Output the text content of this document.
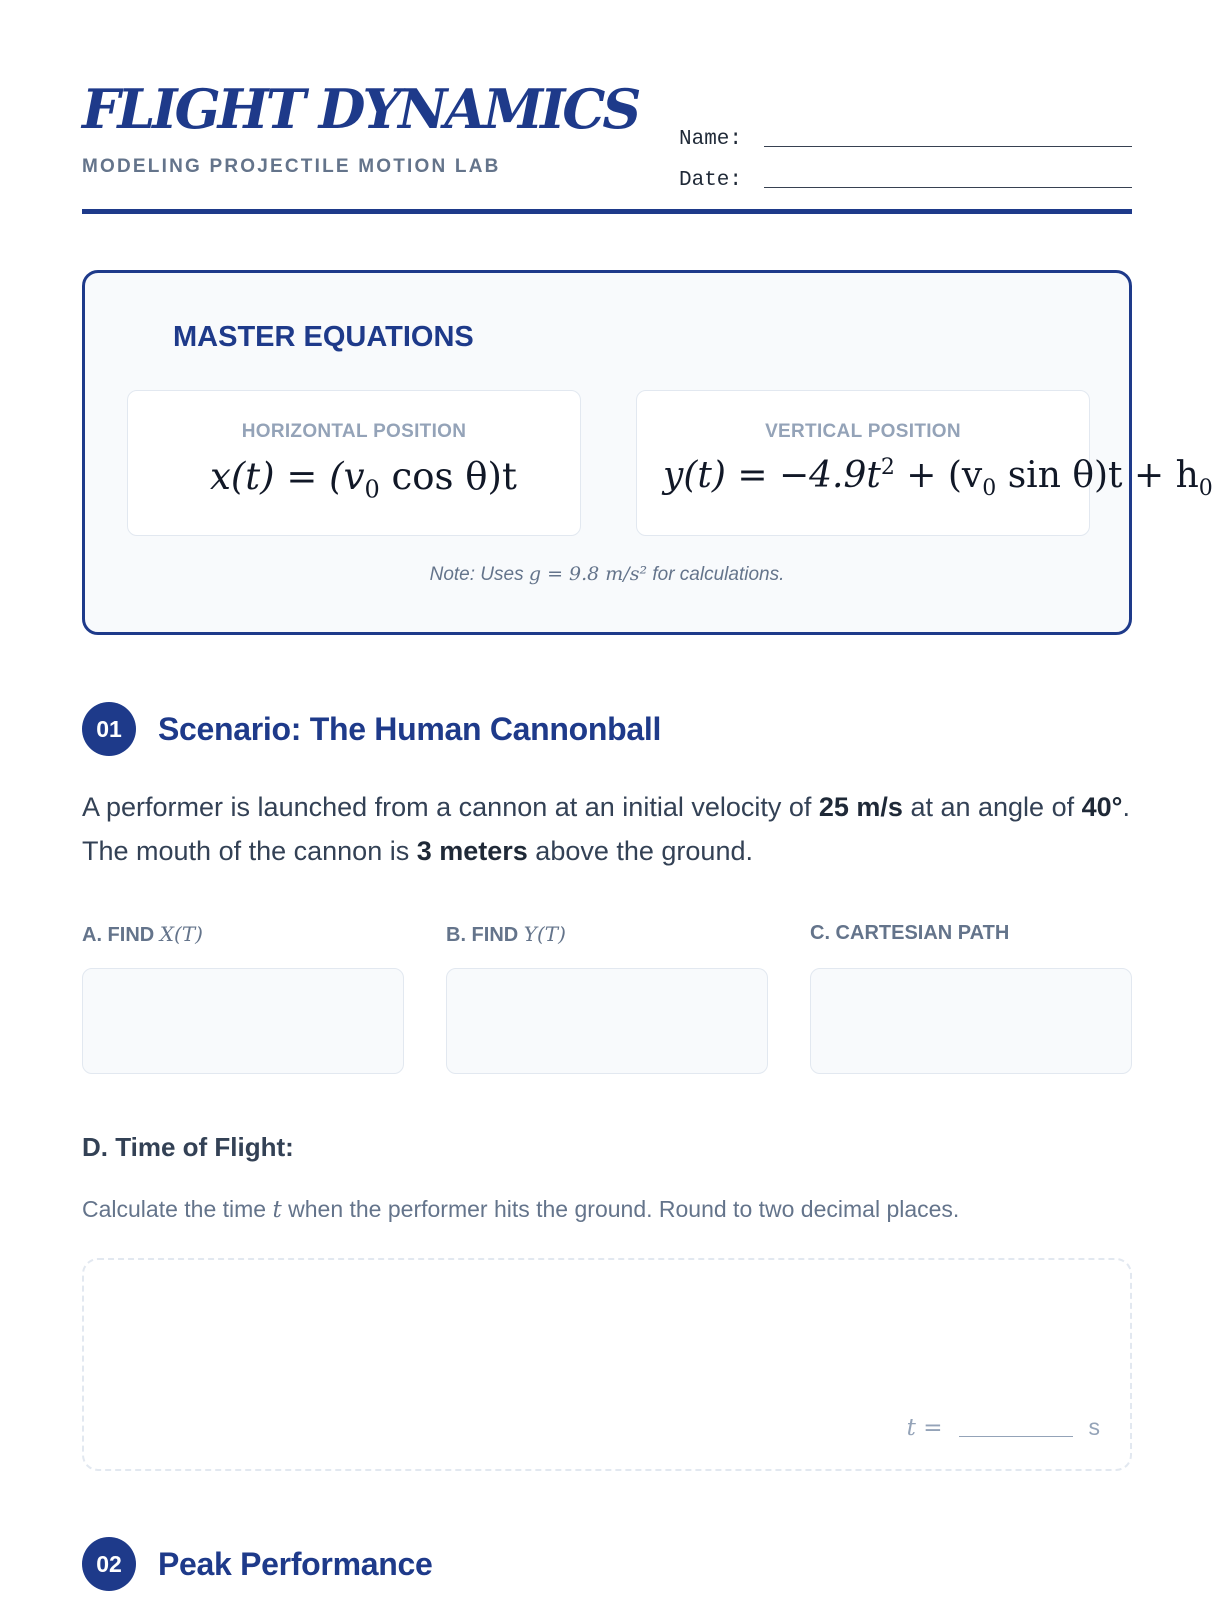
FLIGHT DYNAMICS
MODELING PROJECTILE MOTION LAB
Name:
Date:
MASTER EQUATIONS
HORIZONTAL POSITION
$x(t) = (v_0$ cos θ)t
VERTICAL POSITION
$y(t) = -4.9t^2 + (v_0$ $\sin \theta)t + h_0$
Note: Uses g = 9.8 m/s² for calculations.
01	Scenario: The Human Cannonball
A performer is launched from a cannon at an initial velocity of 25 m/s at an angle of 40°. The mouth of the cannon is 3 meters above the ground.
A. FIND X(T)	B. FIND Y(T)	C. CARTESIAN PATH
D. Time of Flight:
Calculate the time t when the performer hits the ground. Round to two decimal places.
t =	s
02	Peak Performance
